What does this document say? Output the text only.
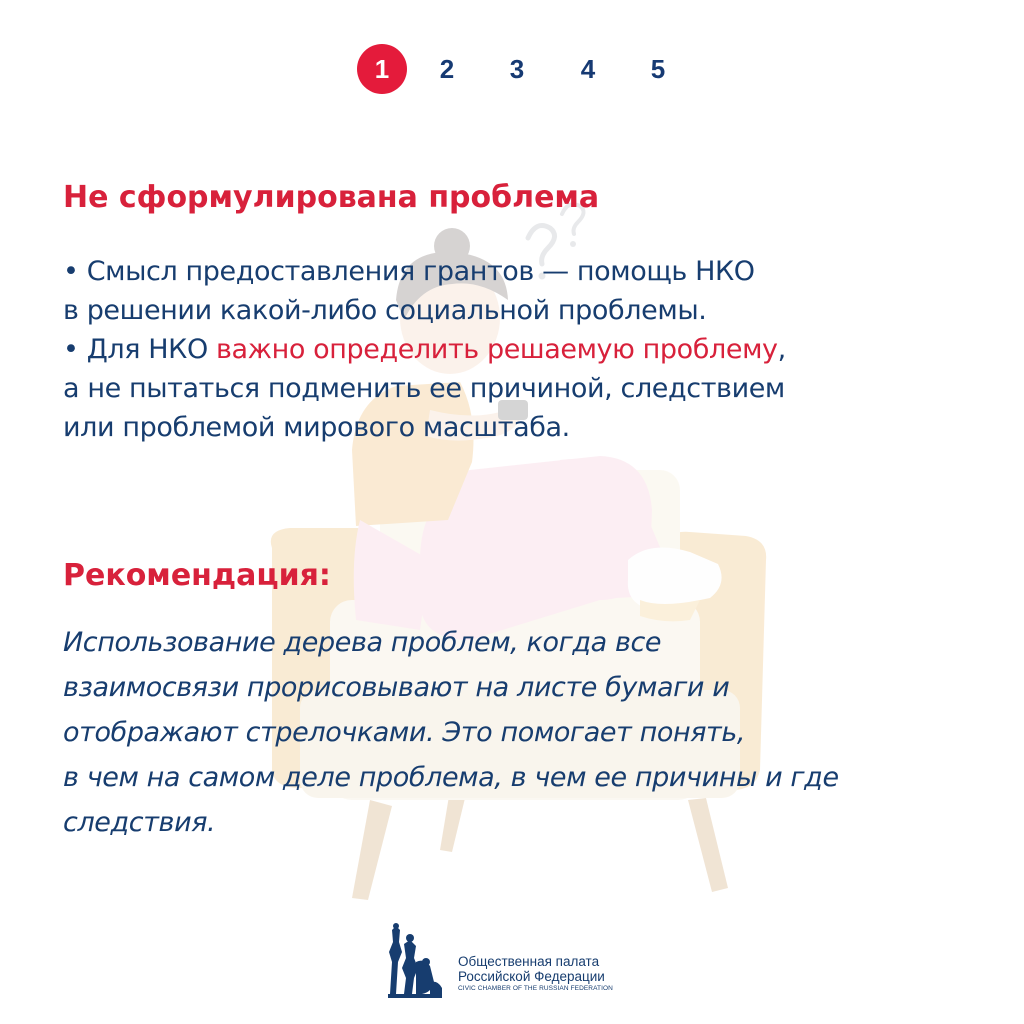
1	2	3	4	5
Не сформулирована проблема
• Смысл предоставления грантов — помощь НКО
в решении какой-либо социальной проблемы.
• Для НКО важно определить решаемую проблему,
а не пытаться подменить ее причиной, следствием
или проблемой мирового масштаба.
Рекомендация:
Использование дерева проблем, когда все
взаимосвязи прорисовывают на листе бумаги и
отображают стрелочками. Это помогает понять,
в чем на самом деле проблема, в чем ее причины и где
следствия.
Общественная палата
Российской Федерации
CIVIC CHAMBER OF THE RUSSIAN FEDERATION
